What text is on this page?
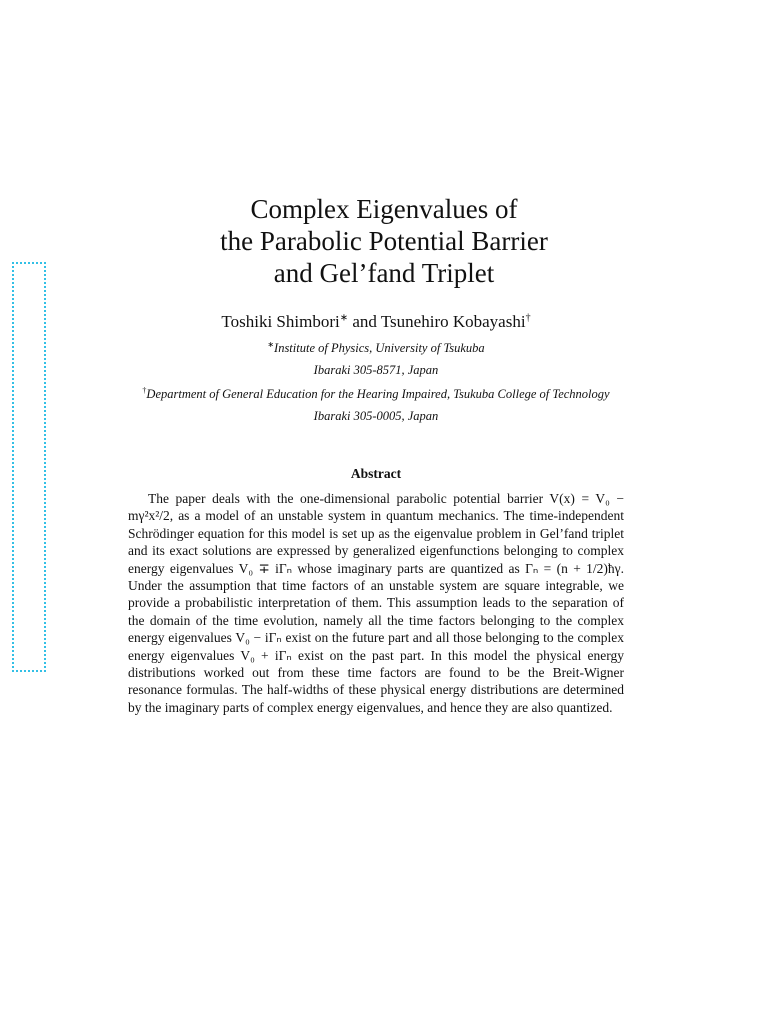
Complex Eigenvalues of
the Parabolic Potential Barrier
and Gel’fand Triplet
Toshiki Shimbori∗ and Tsunehiro Kobayashi†
∗Institute of Physics, University of Tsukuba
Ibaraki 305-8571, Japan
†Department of General Education for the Hearing Impaired, Tsukuba College of Technology
Ibaraki 305-0005, Japan
Abstract
The paper deals with the one-dimensional parabolic potential barrier V(x) = V₀ − mγ²x²/2, as a model of an unstable system in quantum mechanics. The time-independent Schrödinger equation for this model is set up as the eigenvalue problem in Gel’fand triplet and its exact solutions are expressed by generalized eigenfunctions belonging to complex energy eigenvalues V₀ ∓ iΓₙ whose imaginary parts are quantized as Γₙ = (n + 1/2)ħγ. Under the assumption that time factors of an unstable system are square integrable, we provide a probabilistic interpretation of them. This assumption leads to the separation of the domain of the time evolution, namely all the time factors belonging to the complex energy eigenvalues V₀ − iΓₙ exist on the future part and all those belonging to the complex energy eigenvalues V₀ + iΓₙ exist on the past part. In this model the physical energy distributions worked out from these time factors are found to be the Breit-Wigner resonance formulas. The half-widths of these physical energy distributions are determined by the imaginary parts of complex energy eigenvalues, and hence they are also quantized.
